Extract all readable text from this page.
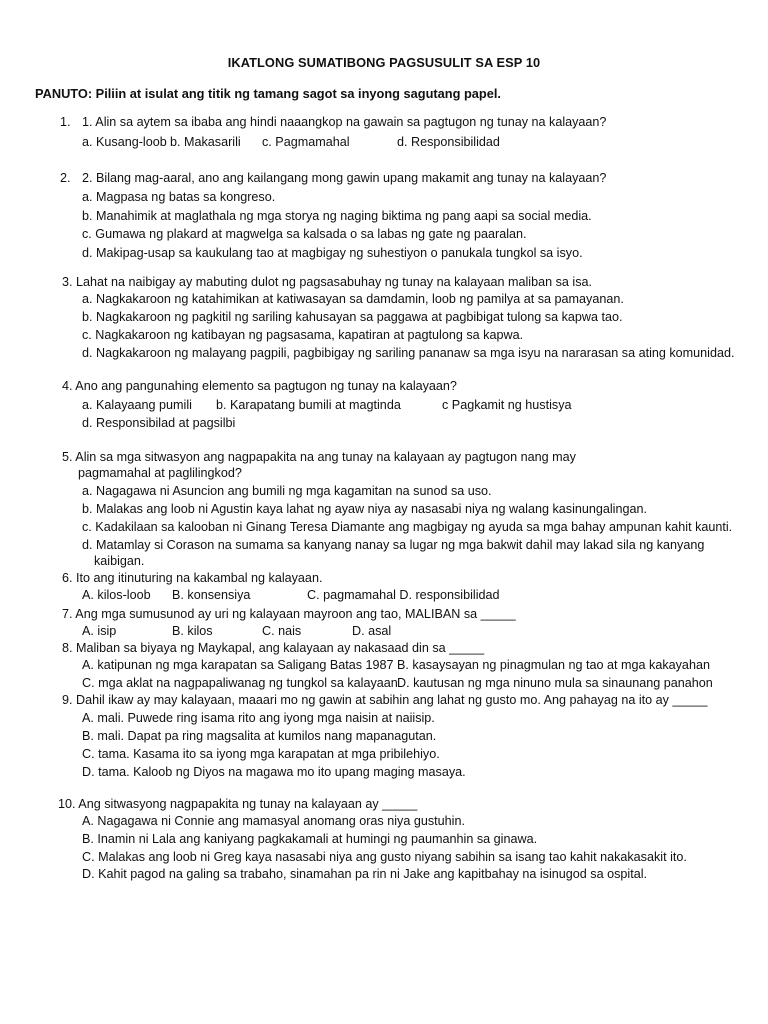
IKATLONG SUMATIBONG PAGSUSULIT SA ESP 10
PANUTO: Piliin at isulat ang titik ng tamang sagot sa inyong sagutang papel.
1. 1. Alin sa aytem sa ibaba ang hindi naaangkop na gawain sa pagtugon ng tunay na kalayaan?
a. Kusang-loob b. Makasarili c. Pagmamahal	d. Responsibilidad
2. 2. Bilang mag-aaral, ano ang kailangang mong gawin upang makamit ang tunay na kalayaan?
a. Magpasa ng batas sa kongreso.
b. Manahimik at maglathala ng mga storya ng naging biktima ng pang aapi sa social media.
c. Gumawa ng plakard at magwelga sa kalsada o sa labas ng gate ng paaralan.
d. Makipag-usap sa kaukulang tao at magbigay ng suhestiyon o panukala tungkol sa isyo.
3. Lahat na naibigay ay mabuting dulot ng pagsasabuhay ng tunay na kalayaan maliban sa isa.
a. Nagkakaroon ng katahimikan at katiwasayan sa damdamin, loob ng pamilya at sa pamayanan.
b. Nagkakaroon ng pagkitil ng sariling kahusayan sa paggawa at pagbibigat tulong sa kapwa tao.
c. Nagkakaroon ng katibayan ng pagsasama, kapatiran at pagtulong sa kapwa.
d. Nagkakaroon ng malayang pagpili, pagbibigay ng sariling pananaw sa mga isyu na nararasan sa ating komunidad.
4. Ano ang pangunahing elemento sa pagtugon ng tunay na kalayaan?
a. Kalayaang pumili b. Karapatang bumili at magtinda	c Pagkamit ng hustisya
d. Responsibilad at pagsilbi
5. Alin sa mga sitwasyon ang nagpapakita na ang tunay na kalayaan ay pagtugon nang may
pagmamahal at paglilingkod?
a. Nagagawa ni Asuncion ang bumili ng mga kagamitan na sunod sa uso.
b. Malakas ang loob ni Agustin kaya lahat ng ayaw niya ay nasasabi niya ng walang kasinungalingan.
c. Kadakilaan sa kalooban ni Ginang Teresa Diamante ang magbigay ng ayuda sa mga bahay ampunan kahit kaunti.
d. Matamlay si Corason na sumama sa kanyang nanay sa lugar ng mga bakwit dahil may lakad sila ng kanyang
kaibigan.
6. Ito ang itinuturing na kakambal ng kalayaan.
A. kilos-loob B. konsensiya	C. pagmamahal D. responsibilidad
7. Ang mga sumusunod ay uri ng kalayaan mayroon ang tao, MALIBAN sa _____
A. isip	B. kilos	C. nais	D. asal
8. Maliban sa biyaya ng Maykapal, ang kalayaan ay nakasaad din sa _____
A. katipunan ng mga karapatan sa Saligang Batas 1987 B. kasaysayan ng pinagmulan ng tao at mga kakayahan
C. mga aklat na nagpapaliwanag ng tungkol sa kalayaan D. kautusan ng mga ninuno mula sa sinaunang panahon
9. Dahil ikaw ay may kalayaan, maaari mo ng gawin at sabihin ang lahat ng gusto mo. Ang pahayag na ito ay _____
A. mali. Puwede ring isama rito ang iyong mga naisin at naiisip.
B. mali. Dapat pa ring magsalita at kumilos nang mapanagutan.
C. tama. Kasama ito sa iyong mga karapatan at mga pribilehiyo.
D. tama. Kaloob ng Diyos na magawa mo ito upang maging masaya.
10. Ang sitwasyong nagpapakita ng tunay na kalayaan ay _____
A. Nagagawa ni Connie ang mamasyal anomang oras niya gustuhin.
B. Inamin ni Lala ang kaniyang pagkakamali at humingi ng paumanhin sa ginawa.
C. Malakas ang loob ni Greg kaya nasasabi niya ang gusto niyang sabihin sa isang tao kahit nakakasakit ito.
D. Kahit pagod na galing sa trabaho, sinamahan pa rin ni Jake ang kapitbahay na isinugod sa ospital.
